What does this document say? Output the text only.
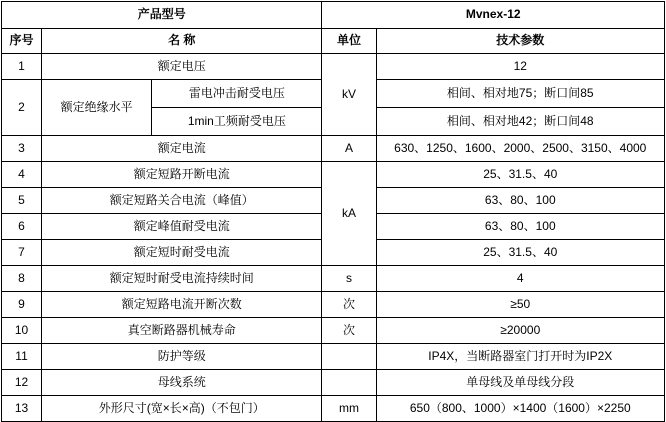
产品型号			Mvnex-12	
序号	名 称		单位	技术参数
1	额定电压		kV	12
2	额定绝缘水平	雷电冲击耐受电压		相间、相对地75；断口间85
		1min工频耐受电压		相间、相对地42；断口间48
3	额定电流		A	630、1250、1600、2000、2500、3150、4000
4	额定短路开断电流		kA	25、31.5、40
5	额定短路关合电流（峰值）			63、80、100
6	额定峰值耐受电流			63、80、100
7	额定短时耐受电流			25、31.5、40
8	额定短时耐受电流持续时间		s	4
9	额定短路电流开断次数		次	≥50
10	真空断路器机械寿命		次	≥20000
11	防护等级			IP4X，当断路器室门打开时为IP2X
12	母线系统			单母线及单母线分段
13	外形尺寸(宽×长×高)（不包门）		mm	650（800、1000）×1400（1600）×2250
